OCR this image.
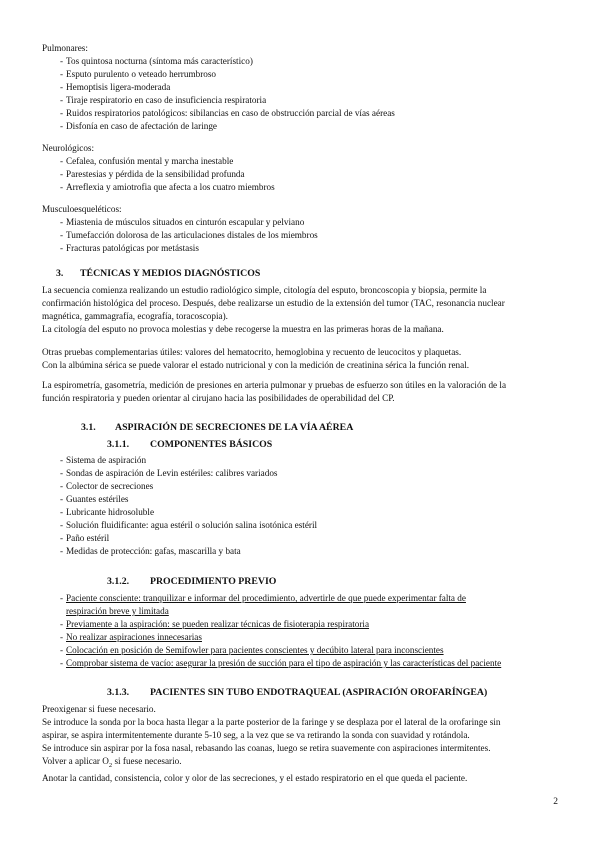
Pulmonares:
- Tos quintosa nocturna (síntoma más característico)
- Esputo purulento o veteado herrumbroso
- Hemoptisis ligera-moderada
- Tiraje respiratorio en caso de insuficiencia respiratoria
- Ruidos respiratorios patológicos: sibilancias en caso de obstrucción parcial de vías aéreas
- Disfonía en caso de afectación de laringe
Neurológicos:
- Cefalea, confusión mental y marcha inestable
- Parestesias y pérdida de la sensibilidad profunda
- Arreflexia y amiotrofia que afecta a los cuatro miembros
Musculoesqueléticos:
- Miastenia de músculos situados en cinturón escapular y pelviano
- Tumefacción dolorosa de las articulaciones distales de los miembros
- Fracturas patológicas por metástasis
3. TÉCNICAS Y MEDIOS DIAGNÓSTICOS
La secuencia comienza realizando un estudio radiológico simple, citología del esputo, broncoscopia y biopsia, permite la
confirmación histológica del proceso. Después, debe realizarse un estudio de la extensión del tumor (TAC, resonancia nuclear
magnética, gammagrafía, ecografía, toracoscopia).
La citología del esputo no provoca molestias y debe recogerse la muestra en las primeras horas de la mañana.
Otras pruebas complementarias útiles: valores del hematocrito, hemoglobina y recuento de leucocitos y plaquetas.
Con la albúmina sérica se puede valorar el estado nutricional y con la medición de creatinina sérica la función renal.
La espirometría, gasometría, medición de presiones en arteria pulmonar y pruebas de esfuerzo son útiles en la valoración de la
función respiratoria y pueden orientar al cirujano hacia las posibilidades de operabilidad del CP.
3.1. ASPIRACIÓN DE SECRECIONES DE LA VÍA AÉREA
3.1.1. COMPONENTES BÁSICOS
- Sistema de aspiración
- Sondas de aspiración de Levin estériles: calibres variados
- Colector de secreciones
- Guantes estériles
- Lubricante hidrosoluble
- Solución fluidificante: agua estéril o solución salina isotónica estéril
- Paño estéril
- Medidas de protección: gafas, mascarilla y bata
3.1.2. PROCEDIMIENTO PREVIO
- Paciente consciente: tranquilizar e informar del procedimiento, advertirle de que puede experimentar falta de
respiración breve y limitada
- Previamente a la aspiración: se pueden realizar técnicas de fisioterapia respiratoria
- No realizar aspiraciones innecesarias
- Colocación en posición de Semifowler para pacientes conscientes y decúbito lateral para inconscientes
- Comprobar sistema de vacío: asegurar la presión de succión para el tipo de aspiración y las características del paciente
3.1.3. PACIENTES SIN TUBO ENDOTRAQUEAL (ASPIRACIÓN OROFARÍNGEA)
Preoxigenar si fuese necesario.
Se introduce la sonda por la boca hasta llegar a la parte posterior de la faringe y se desplaza por el lateral de la orofaringe sin
aspirar, se aspira intermitentemente durante 5-10 seg, a la vez que se va retirando la sonda con suavidad y rotándola.
Se introduce sin aspirar por la fosa nasal, rebasando las coanas, luego se retira suavemente con aspiraciones intermitentes.
Volver a aplicar $O_2$ si fuese necesario.
Anotar la cantidad, consistencia, color y olor de las secreciones, y el estado respiratorio en el que queda el paciente.
2
